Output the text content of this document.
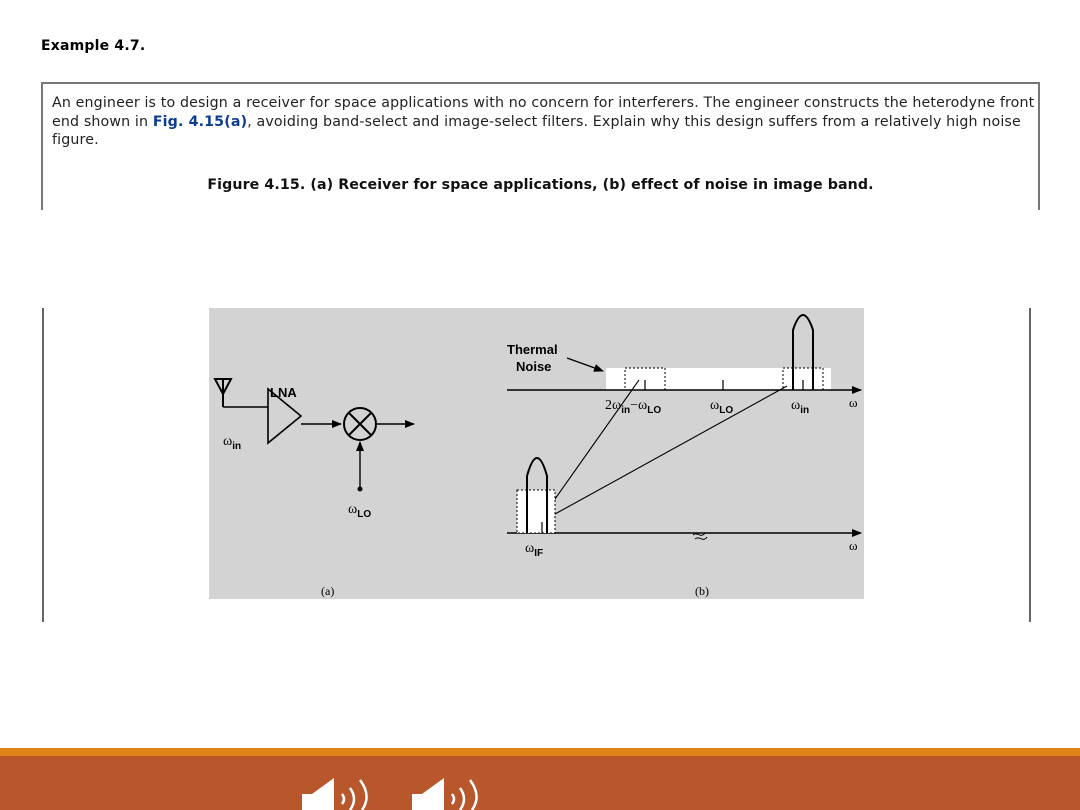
Example 4.7.
An engineer is to design a receiver for space applications with no concern for interferers. The engineer constructs the heterodyne front end shown in Fig. 4.15(a), avoiding band-select and image-select filters. Explain why this design suffers from a relatively high noise figure.
Figure 4.15. (a) Receiver for space applications, (b) effect of noise in image band.
LNA
$\omega_{in}$
$\omega_{LO}$
(a)
Thermal
Noise
$2\omega_{in}-\omega_{LO}$	$\omega_{LO}$	$\omega_{in}$
ω
$\omega_{IF}$
ω
(b)
